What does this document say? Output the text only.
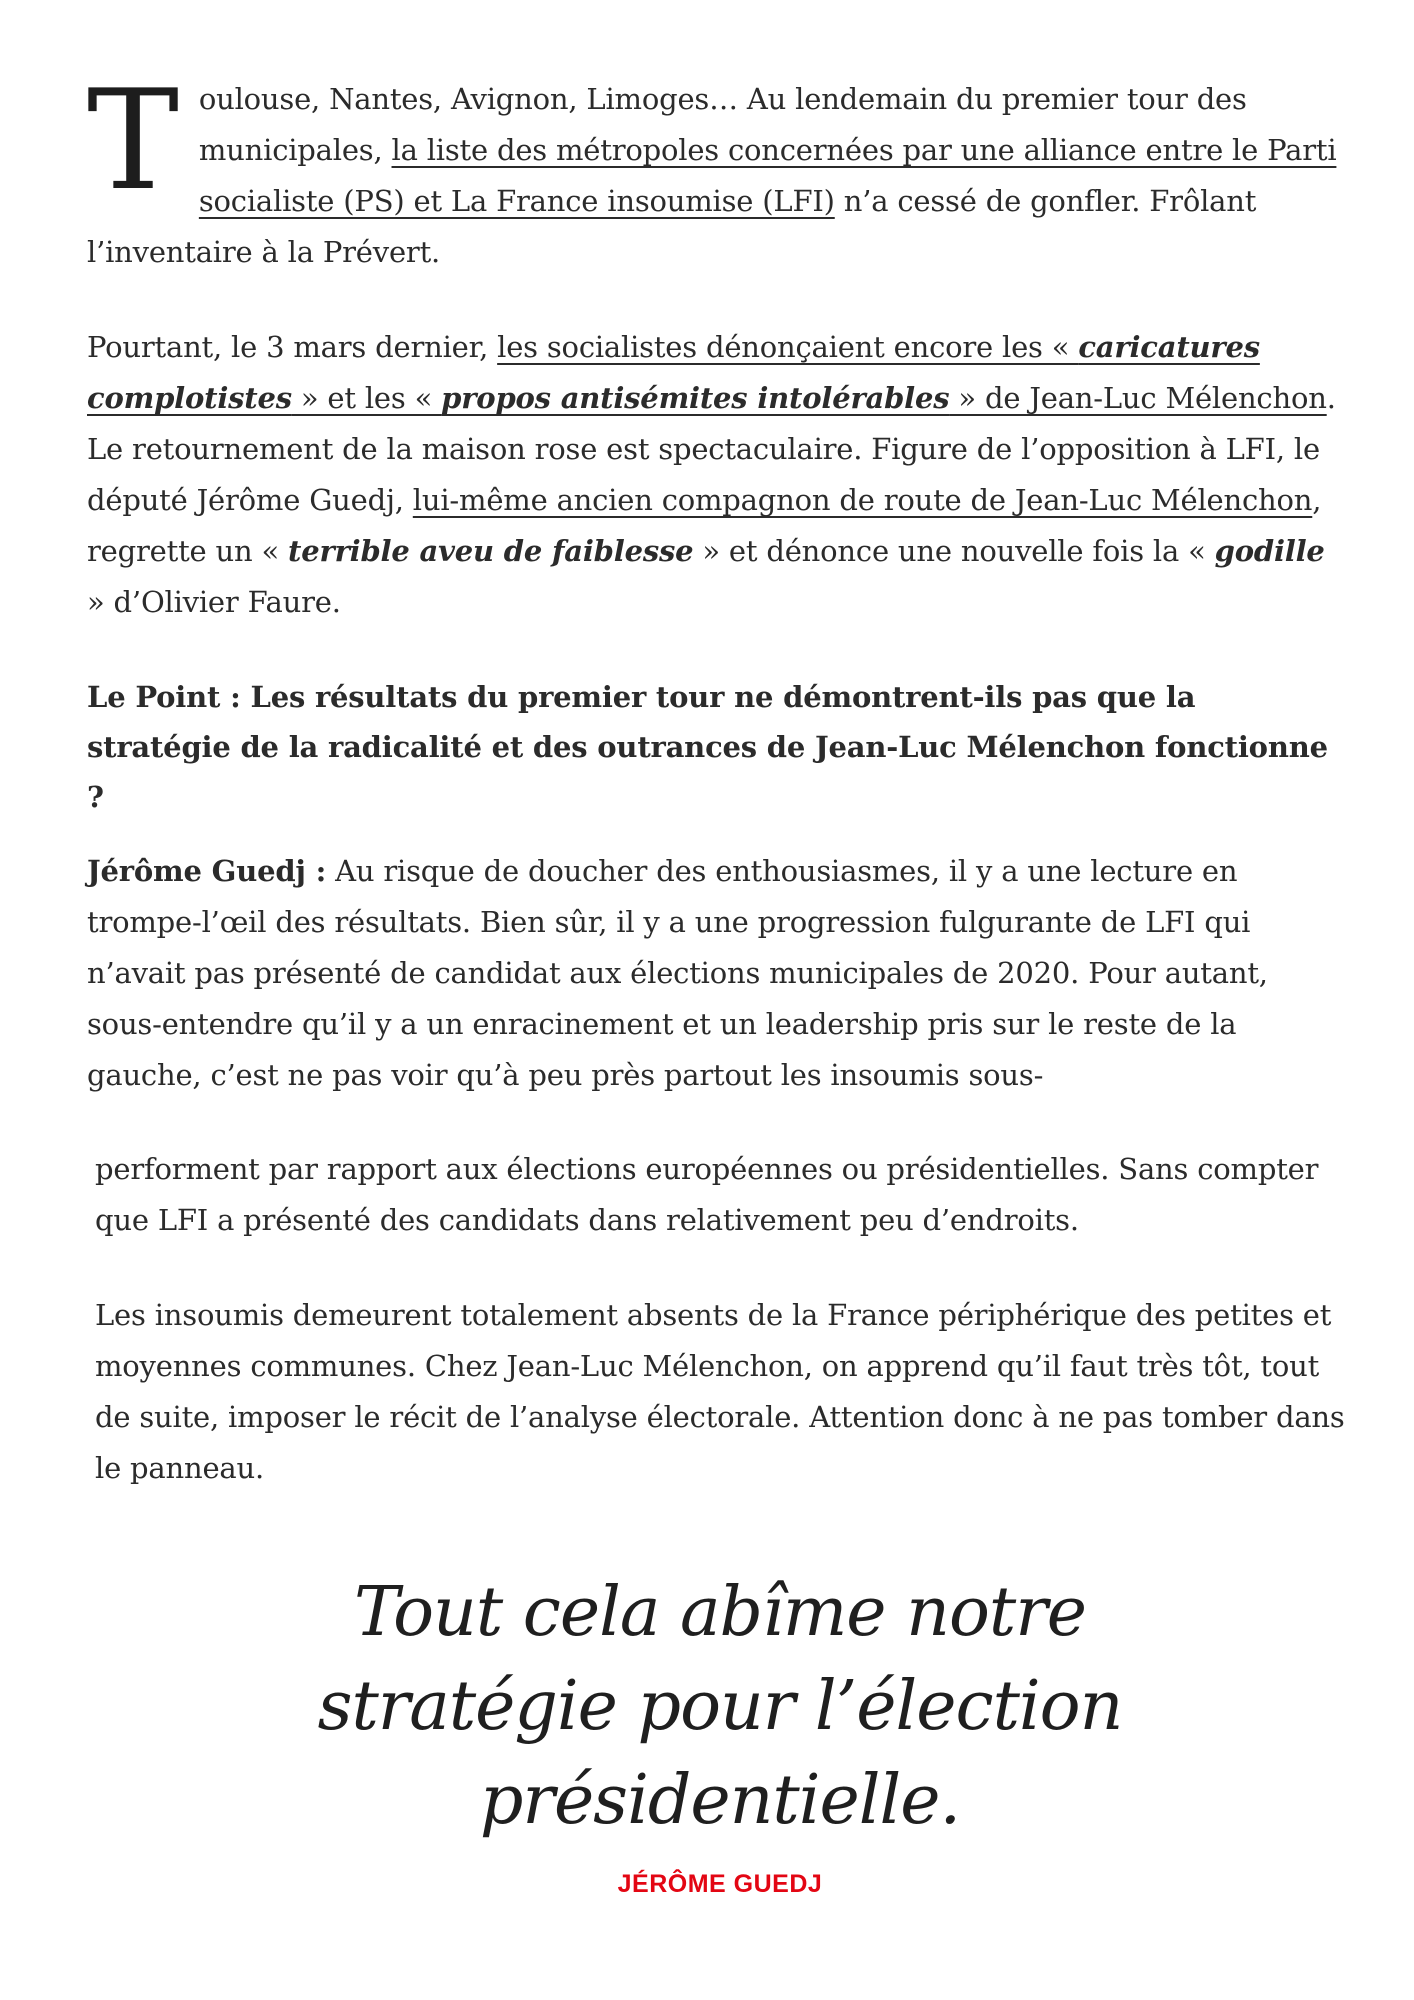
Toulouse, Nantes, Avignon, Limoges… Au lendemain du premier tour des municipales, la liste des métropoles concernées par une alliance entre le Parti socialiste (PS) et La France insoumise (LFI) n’a cessé de gonfler. Frôlant l’inventaire à la Prévert.

Pourtant, le 3 mars dernier, les socialistes dénonçaient encore les « caricatures complotistes » et les « propos antisémites intolérables » de Jean-Luc Mélenchon. Le retournement de la maison rose est spectaculaire. Figure de l’opposition à LFI, le député Jérôme Guedj, lui-même ancien compagnon de route de Jean-Luc Mélenchon, regrette un « terrible aveu de faiblesse » et dénonce une nouvelle fois la « godille » d’Olivier Faure.

Le Point : Les résultats du premier tour ne démontrent-ils pas que la stratégie de la radicalité et des outrances de Jean-Luc Mélenchon fonctionne ?

Jérôme Guedj : Au risque de doucher des enthousiasmes, il y a une lecture en trompe-l’œil des résultats. Bien sûr, il y a une progression fulgurante de LFI qui n’avait pas présenté de candidat aux élections municipales de 2020. Pour autant, sous-entendre qu’il y a un enracinement et un leadership pris sur le reste de la gauche, c’est ne pas voir qu’à peu près partout les insoumis sous-

performent par rapport aux élections européennes ou présidentielles. Sans compter que LFI a présenté des candidats dans relativement peu d’endroits.

Les insoumis demeurent totalement absents de la France périphérique des petites et moyennes communes. Chez Jean-Luc Mélenchon, on apprend qu’il faut très tôt, tout de suite, imposer le récit de l’analyse électorale. Attention donc à ne pas tomber dans le panneau.

Tout cela abîme notre stratégie pour l’élection présidentielle.

JÉRÔME GUEDJ
